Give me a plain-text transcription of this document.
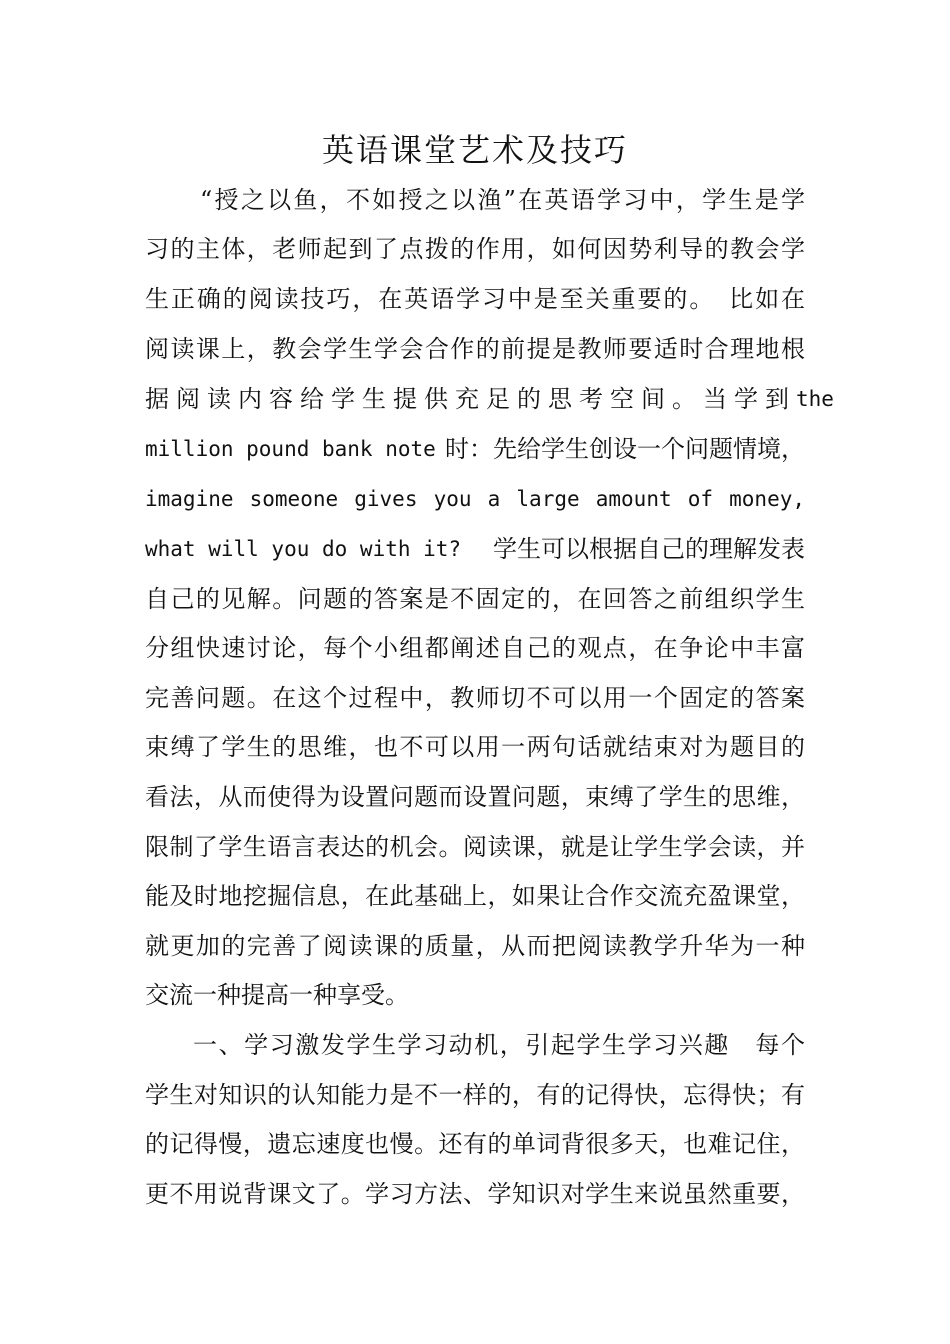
英语课堂艺术及技巧
“授之以鱼，不如授之以渔”在英语学习中，学生是学
习的主体，老师起到了点拨的作用，如何因势利导的教会学
生正确的阅读技巧，在英语学习中是至关重要的。　比如在
阅读课上，教会学生学会合作的前提是教师要适时合理地根
据阅读内容给学生提供充足的思考空间。当学到 the
million pound bank note 时：先给学生创设一个问题情境，
imagine someone gives you a large amount of money,
what will you do with it? 学生可以根据自己的理解发表
自己的见解。问题的答案是不固定的，在回答之前组织学生
分组快速讨论，每个小组都阐述自己的观点，在争论中丰富
完善问题。在这个过程中，教师切不可以用一个固定的答案
束缚了学生的思维，也不可以用一两句话就结束对为题目的
看法，从而使得为设置问题而设置问题，束缚了学生的思维，
限制了学生语言表达的机会。阅读课，就是让学生学会读，并
能及时地挖掘信息，在此基础上，如果让合作交流充盈课堂，
就更加的完善了阅读课的质量，从而把阅读教学升华为一种
交流一种提高一种享受。
一、学习激发学生学习动机，引起学生学习兴趣　每个
学生对知识的认知能力是不一样的，有的记得快，忘得快；有
的记得慢，遗忘速度也慢。还有的单词背很多天，也难记住，
更不用说背课文了。学习方法、学知识对学生来说虽然重要，
